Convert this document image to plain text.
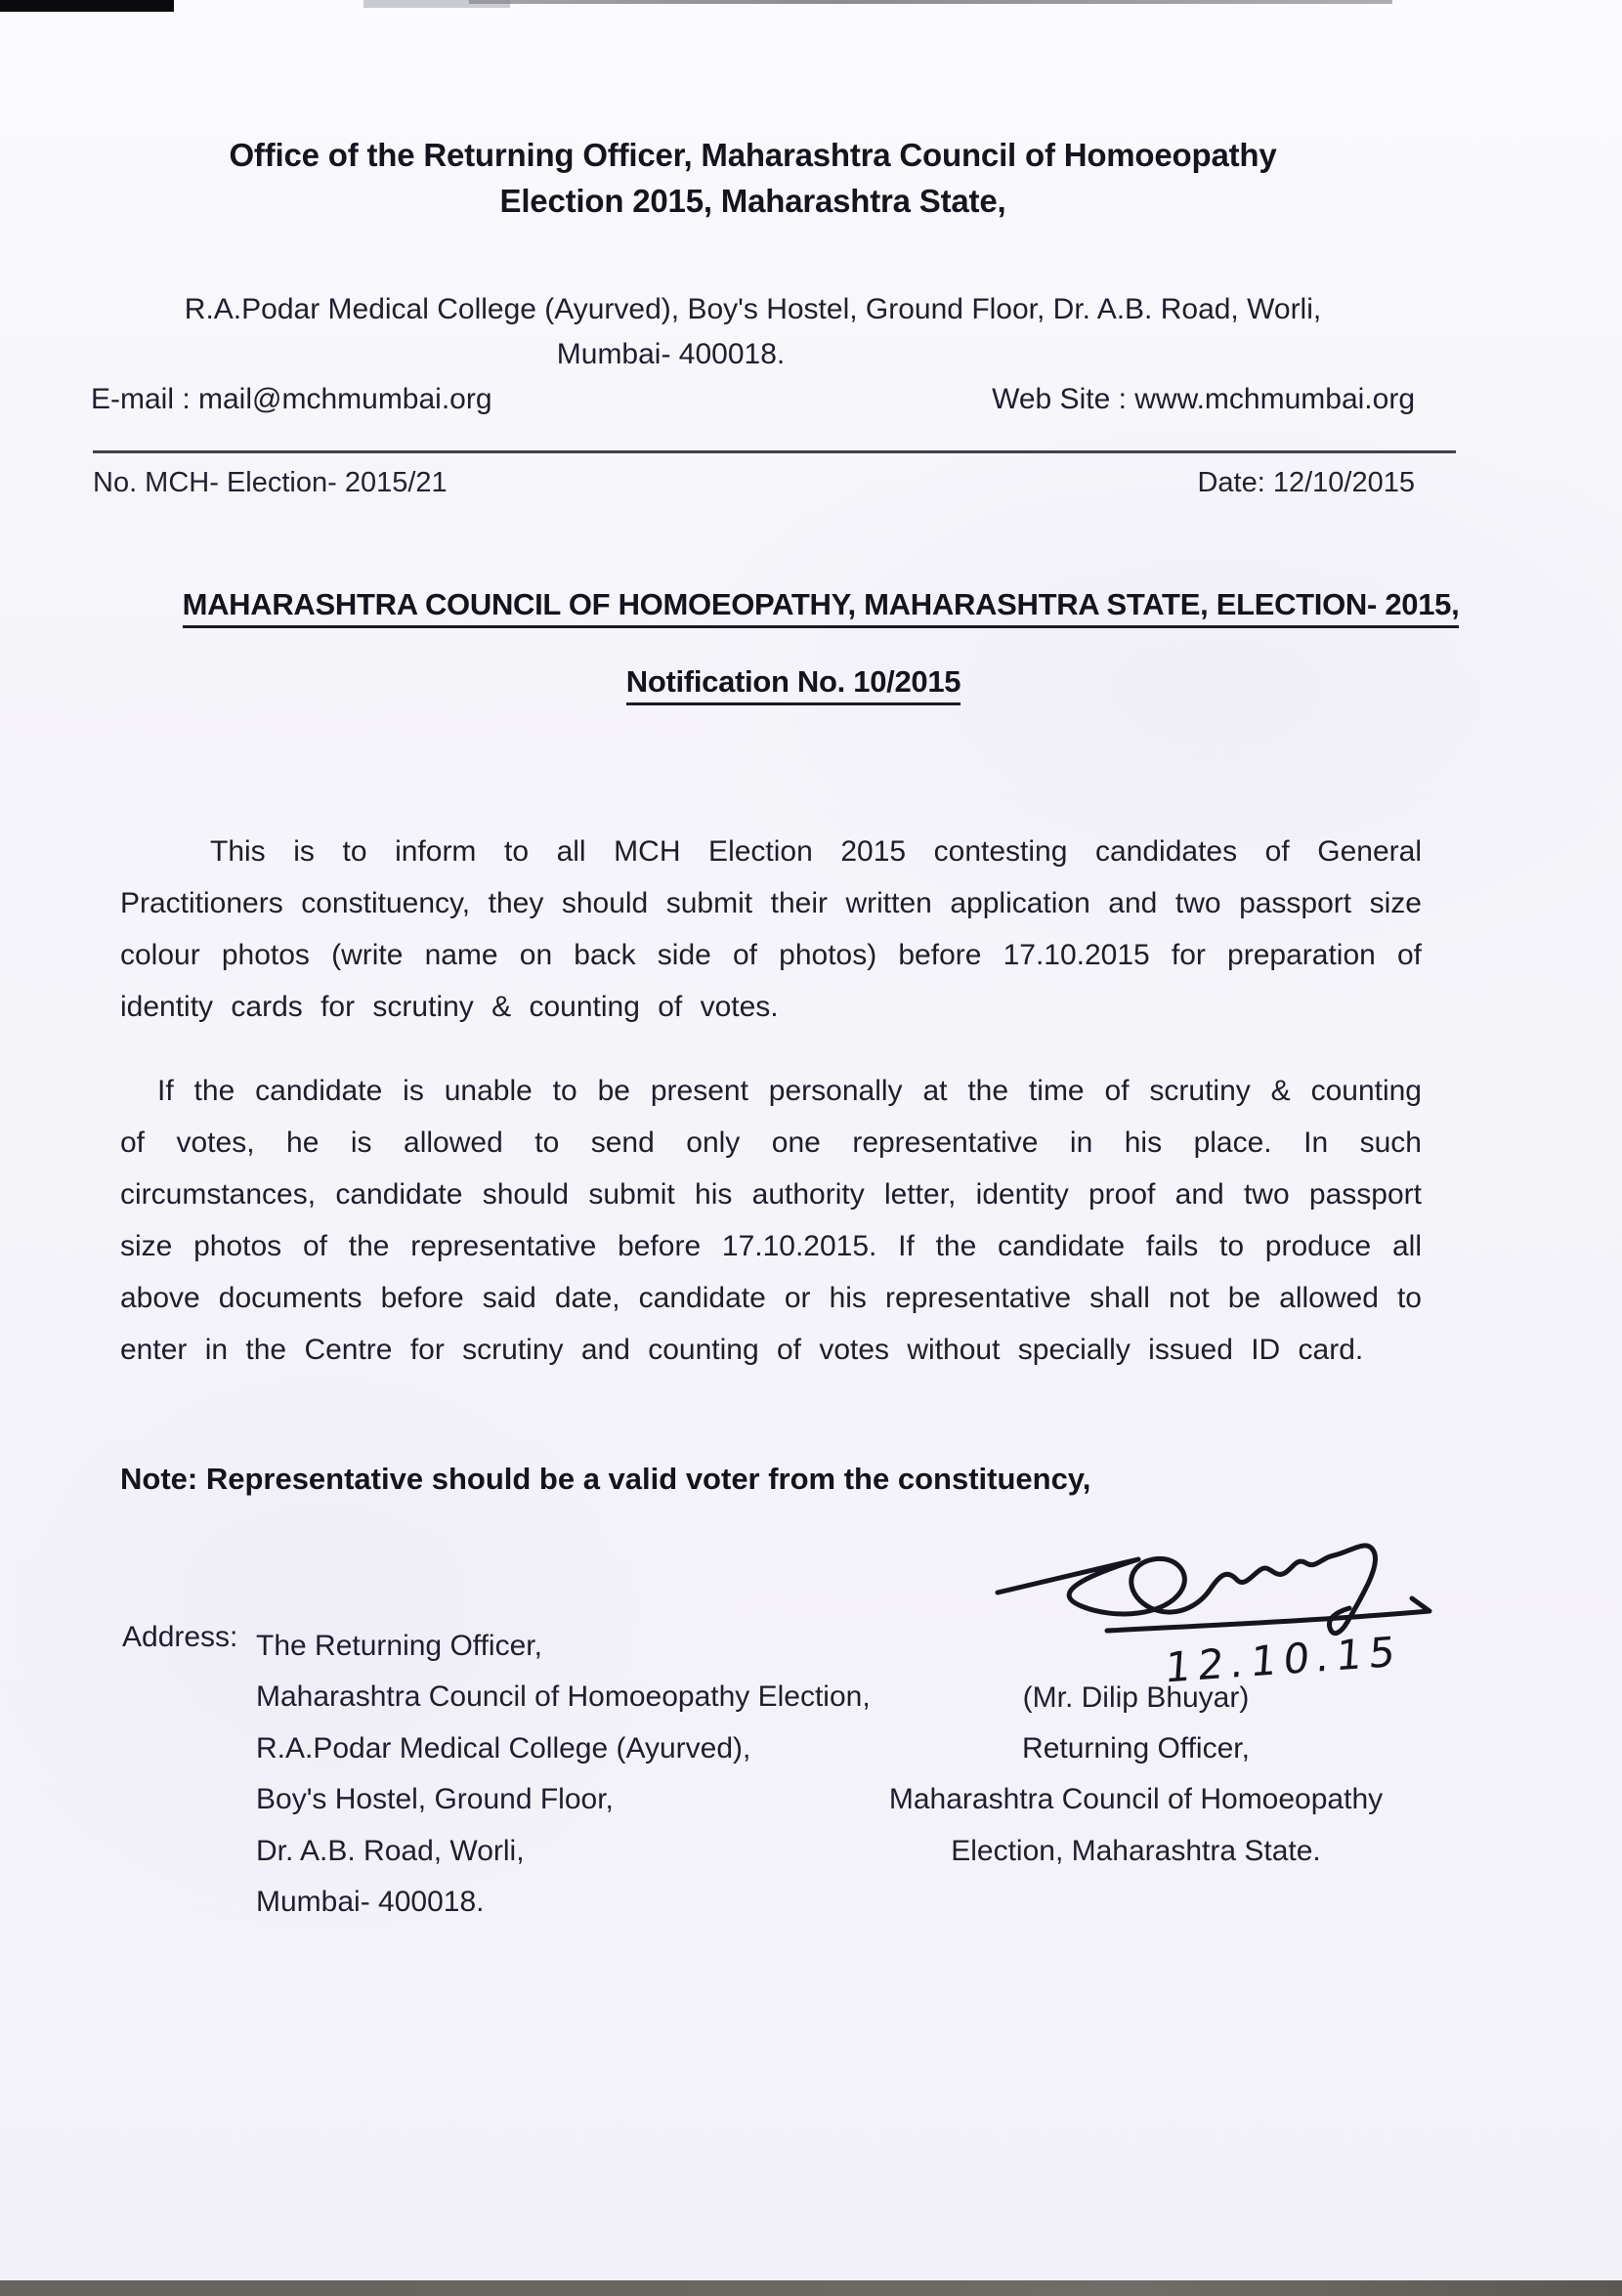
Office of the Returning Officer, Maharashtra Council of Homoeopathy
Election 2015, Maharashtra State,
R.A.Podar Medical College (Ayurved), Boy's Hostel, Ground Floor, Dr. A.B. Road, Worli,
Mumbai- 400018.
E-mail : mail@mchmumbai.org	Web Site : www.mchmumbai.org
No. MCH- Election- 2015/21	Date: 12/10/2015
MAHARASHTRA COUNCIL OF HOMOEOPATHY, MAHARASHTRA STATE, ELECTION- 2015,
Notification No. 10/2015
This is to inform to all MCH Election 2015 contesting candidates of General Practitioners constituency, they should submit their written application and two passport size colour photos (write name on back side of photos) before 17.10.2015 for preparation of identity cards for scrutiny & counting of votes.
If the candidate is unable to be present personally at the time of scrutiny & counting of votes, he is allowed to send only one representative in his place. In such circumstances, candidate should submit his authority letter, identity proof and two passport size photos of the representative before 17.10.2015. If the candidate fails to produce all above documents before said date, candidate or his representative shall not be allowed to enter in the Centre for scrutiny and counting of votes without specially issued ID card.
Note: Representative should be a valid voter from the constituency,
12.10.15
Address: The Returning Officer,
Maharashtra Council of Homoeopathy Election,
R.A.Podar Medical College (Ayurved),
Boy's Hostel, Ground Floor,
Dr. A.B. Road, Worli,
Mumbai- 400018.
(Mr. Dilip Bhuyar)
Returning Officer,
Maharashtra Council of Homoeopathy
Election, Maharashtra State.
